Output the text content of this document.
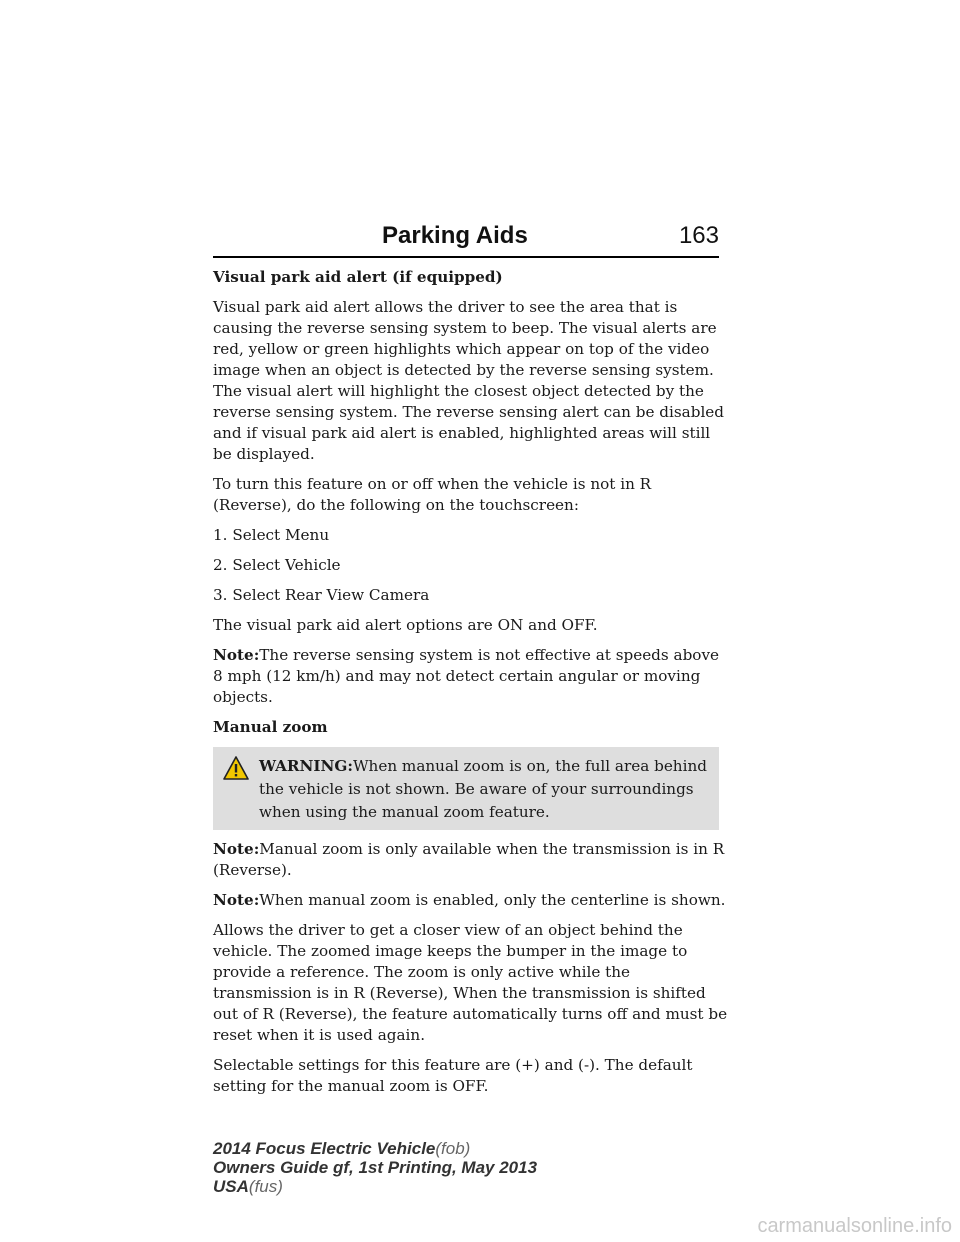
Parking Aids	163

Visual park aid alert (if equipped)

Visual park aid alert allows the driver to see the area that is causing the reverse sensing system to beep. The visual alerts are red, yellow or green highlights which appear on top of the video image when an object is detected by the reverse sensing system. The visual alert will highlight the closest object detected by the reverse sensing system. The reverse sensing alert can be disabled and if visual park aid alert is enabled, highlighted areas will still be displayed.

To turn this feature on or off when the vehicle is not in R (Reverse), do the following on the touchscreen:

1. Select Menu

2. Select Vehicle

3. Select Rear View Camera

The visual park aid alert options are ON and OFF.

Note:The reverse sensing system is not effective at speeds above 8 mph (12 km/h) and may not detect certain angular or moving objects.

Manual zoom

WARNING:When manual zoom is on, the full area behind the vehicle is not shown. Be aware of your surroundings when using the manual zoom feature.

Note:Manual zoom is only available when the transmission is in R (Reverse).

Note:When manual zoom is enabled, only the centerline is shown.

Allows the driver to get a closer view of an object behind the vehicle. The zoomed image keeps the bumper in the image to provide a reference. The zoom is only active while the transmission is in R (Reverse), When the transmission is shifted out of R (Reverse), the feature automatically turns off and must be reset when it is used again.

Selectable settings for this feature are (+) and (-). The default setting for the manual zoom is OFF.

2014 Focus Electric Vehicle(fob)
Owners Guide gf, 1st Printing, May 2013
USA(fus)
carmanualsonline.info
